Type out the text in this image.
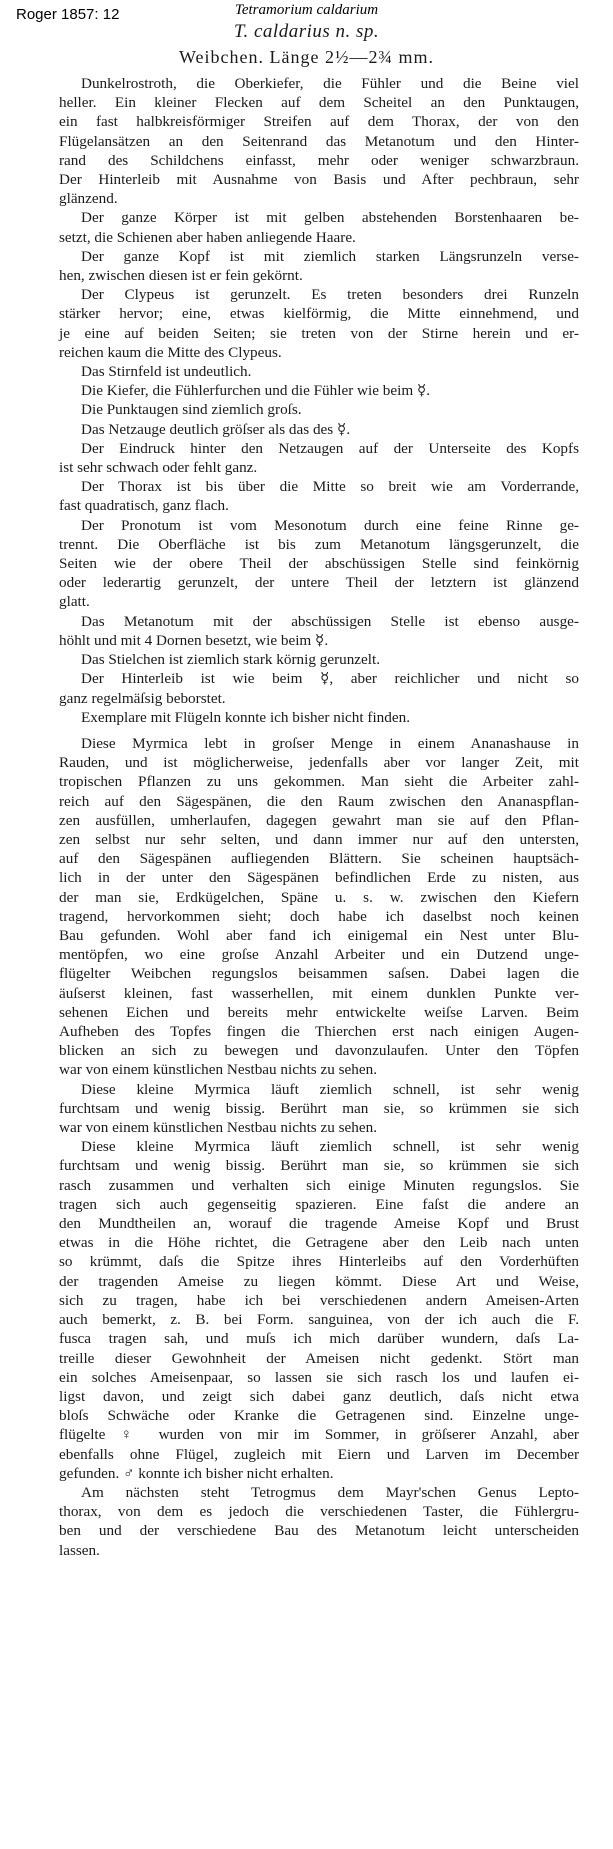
Roger 1857: 12	Tetramorium caldarium
T. caldarius n. sp.
Weibchen. Länge 2½—2¾ mm.
Dunkelrostroth, die Oberkiefer, die Fühler und die Beine viel
heller. Ein kleiner Flecken auf dem Scheitel an den Punktaugen,
ein fast halbkreisförmiger Streifen auf dem Thorax, der von den
Flügelansätzen an den Seitenrand das Metanotum und den Hinter-
rand des Schildchens einfasst, mehr oder weniger schwarzbraun.
Der Hinterleib mit Ausnahme von Basis und After pechbraun, sehr
glänzend.
Der ganze Körper ist mit gelben abstehenden Borstenhaaren be-
setzt, die Schienen aber haben anliegende Haare.
Der ganze Kopf ist mit ziemlich starken Längsrunzeln verse-
hen, zwischen diesen ist er fein gekörnt.
Der Clypeus ist gerunzelt. Es treten besonders drei Runzeln
stärker hervor; eine, etwas kielförmig, die Mitte einnehmend, und
je eine auf beiden Seiten; sie treten von der Stirne herein und er-
reichen kaum die Mitte des Clypeus.
Das Stirnfeld ist undeutlich.
Die Kiefer, die Fühlerfurchen und die Fühler wie beim ☿.
Die Punktaugen sind ziemlich groſs.
Das Netzauge deutlich gröſser als das des ☿.
Der Eindruck hinter den Netzaugen auf der Unterseite des Kopfs
ist sehr schwach oder fehlt ganz.
Der Thorax ist bis über die Mitte so breit wie am Vorderrande,
fast quadratisch, ganz flach.
Der Pronotum ist vom Mesonotum durch eine feine Rinne ge-
trennt. Die Oberfläche ist bis zum Metanotum längsgerunzelt, die
Seiten wie der obere Theil der abschüssigen Stelle sind feinkörnig
oder lederartig gerunzelt, der untere Theil der letztern ist glänzend
glatt.
Das Metanotum mit der abschüssigen Stelle ist ebenso ausge-
höhlt und mit 4 Dornen besetzt, wie beim ☿.
Das Stielchen ist ziemlich stark körnig gerunzelt.
Der Hinterleib ist wie beim ☿, aber reichlicher und nicht so
ganz regelmäſsig beborstet.
Exemplare mit Flügeln konnte ich bisher nicht finden.
Diese Myrmica lebt in groſser Menge in einem Ananashause in
Rauden, und ist möglicherweise, jedenfalls aber vor langer Zeit, mit
tropischen Pflanzen zu uns gekommen. Man sieht die Arbeiter zahl-
reich auf den Sägespänen, die den Raum zwischen den Ananaspflan-
zen ausfüllen, umherlaufen, dagegen gewahrt man sie auf den Pflan-
zen selbst nur sehr selten, und dann immer nur auf den untersten,
auf den Sägespänen aufliegenden Blättern. Sie scheinen hauptsäch-
lich in der unter den Sägespänen befindlichen Erde zu nisten, aus
der man sie, Erdkügelchen, Späne u. s. w. zwischen den Kiefern
tragend, hervorkommen sieht; doch habe ich daselbst noch keinen
Bau gefunden. Wohl aber fand ich einigemal ein Nest unter Blu-
mentöpfen, wo eine groſse Anzahl Arbeiter und ein Dutzend unge-
flügelter Weibchen regungslos beisammen saſsen. Dabei lagen die
äuſserst kleinen, fast wasserhellen, mit einem dunklen Punkte ver-
sehenen Eichen und bereits mehr entwickelte weiſse Larven. Beim
Aufheben des Topfes fingen die Thierchen erst nach einigen Augen-
blicken an sich zu bewegen und davonzulaufen. Unter den Töpfen
war von einem künstlichen Nestbau nichts zu sehen.
Diese kleine Myrmica läuft ziemlich schnell, ist sehr wenig
furchtsam und wenig bissig. Berührt man sie, so krümmen sie sich
war von einem künstlichen Nestbau nichts zu sehen.
Diese kleine Myrmica läuft ziemlich schnell, ist sehr wenig
furchtsam und wenig bissig. Berührt man sie, so krümmen sie sich
rasch zusammen und verhalten sich einige Minuten regungslos. Sie
tragen sich auch gegenseitig spazieren. Eine faſst die andere an
den Mundtheilen an, worauf die tragende Ameise Kopf und Brust
etwas in die Höhe richtet, die Getragene aber den Leib nach unten
so krümmt, daſs die Spitze ihres Hinterleibs auf den Vorderhüften
der tragenden Ameise zu liegen kömmt. Diese Art und Weise,
sich zu tragen, habe ich bei verschiedenen andern Ameisen-Arten
auch bemerkt, z. B. bei Form. sanguinea, von der ich auch die F.
fusca tragen sah, und muſs ich mich darüber wundern, daſs La-
treille dieser Gewohnheit der Ameisen nicht gedenkt. Stört man
ein solches Ameisenpaar, so lassen sie sich rasch los und laufen ei-
ligst davon, und zeigt sich dabei ganz deutlich, daſs nicht etwa
bloſs Schwäche oder Kranke die Getragenen sind. Einzelne unge-
flügelte ♀ wurden von mir im Sommer, in gröſserer Anzahl, aber
ebenfalls ohne Flügel, zugleich mit Eiern und Larven im December
gefunden. ♂ konnte ich bisher nicht erhalten.
Am nächsten steht Tetrogmus dem Mayr'schen Genus Lepto-
thorax, von dem es jedoch die verschiedenen Taster, die Fühlergru-
ben und der verschiedene Bau des Metanotum leicht unterscheiden
lassen.
